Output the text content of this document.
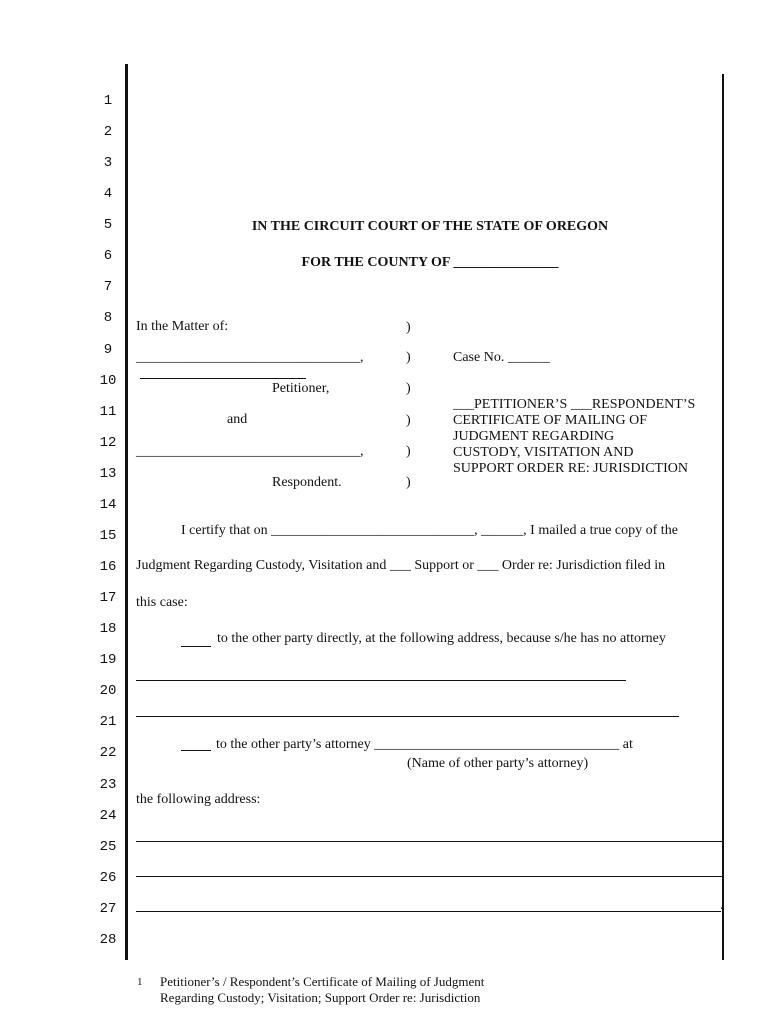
1
2
3
4
5
6
7
8
9
10
11
12
13
14
15
16
17
18
19
20
21
22
23
24
25
26
27
28
IN THE CIRCUIT COURT OF THE STATE OF OREGON
FOR THE COUNTY OF _______________
In the Matter of:
________________________________,
Petitioner,
and
________________________________,
Respondent.
)
)
)
)
)
)
Case No. ______
___PETITIONER’S ___RESPONDENT’S
CERTIFICATE OF MAILING OF
JUDGMENT REGARDING
CUSTODY, VISITATION AND
SUPPORT ORDER RE: JURISDICTION
I certify that on _____________________________, ______, I mailed a true copy of the
Judgment Regarding Custody, Visitation and ___ Support or ___ Order re: Jurisdiction filed in
this case:
to the other party directly, at the following address, because s/he has no attorney
to the other party’s attorney ___________________________________ at
(Name of other party’s attorney)
the following address:
.
1 Petitioner’s / Respondent’s Certificate of Mailing of Judgment
Regarding Custody; Visitation; Support Order re: Jurisdiction
